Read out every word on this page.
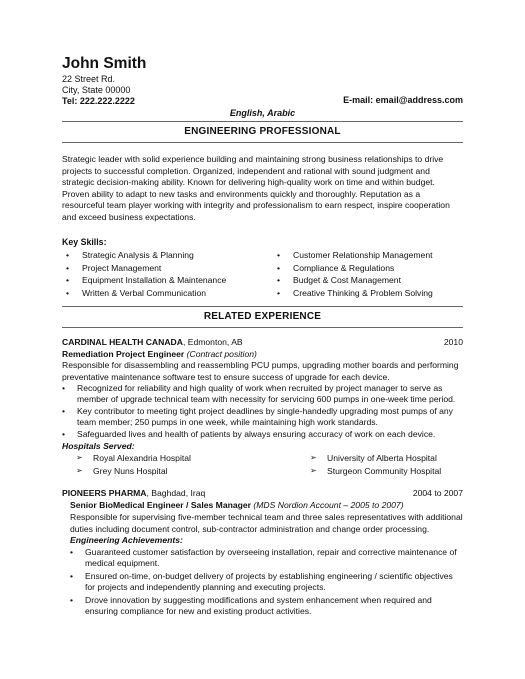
John Smith
22 Street Rd.
City, State 00000
Tel: 222.222.2222	E-mail: email@address.com
English, Arabic
ENGINEERING PROFESSIONAL
Strategic leader with solid experience building and maintaining strong business relationships to drive projects to successful completion. Organized, independent and rational with sound judgment and strategic decision-making ability. Known for delivering high-quality work on time and within budget. Proven ability to adapt to new tasks and environments quickly and thoroughly. Reputation as a resourceful team player working with integrity and professionalism to earn respect, inspire cooperation and exceed business expectations.
Key Skills:
• Strategic Analysis & Planning
• Project Management
• Equipment Installation & Maintenance
• Written & Verbal Communication
• Customer Relationship Management
• Compliance & Regulations
• Budget & Cost Management
• Creative Thinking & Problem Solving
RELATED EXPERIENCE
CARDINAL HEALTH CANADA, Edmonton, AB	2010
Remediation Project Engineer (Contract position)
Responsible for disassembling and reassembling PCU pumps, upgrading mother boards and performing preventative maintenance software test to ensure success of upgrade for each device.
• Recognized for reliability and high quality of work when recruited by project manager to serve as member of upgrade technical team with necessity for servicing 600 pumps in one-week time period.
• Key contributor to meeting tight project deadlines by single-handedly upgrading most pumps of any team member; 250 pumps in one week, while maintaining high work standards.
• Safeguarded lives and health of patients by always ensuring accuracy of work on each device.
Hospitals Served:
➢ Royal Alexandria Hospital
➢ Grey Nuns Hospital
➢ University of Alberta Hospital
➢ Sturgeon Community Hospital
PIONEERS PHARMA, Baghdad, Iraq	2004 to 2007
Senior BioMedical Engineer / Sales Manager (MDS Nordion Account – 2005 to 2007)
Responsible for supervising five-member technical team and three sales representatives with additional duties including document control, sub-contractor administration and change order processing.
Engineering Achievements:
• Guaranteed customer satisfaction by overseeing installation, repair and corrective maintenance of medical equipment.
• Ensured on-time, on-budget delivery of projects by establishing engineering / scientific objectives for projects and independently planning and executing projects.
• Drove innovation by suggesting modifications and system enhancement when required and ensuring compliance for new and existing product activities.
